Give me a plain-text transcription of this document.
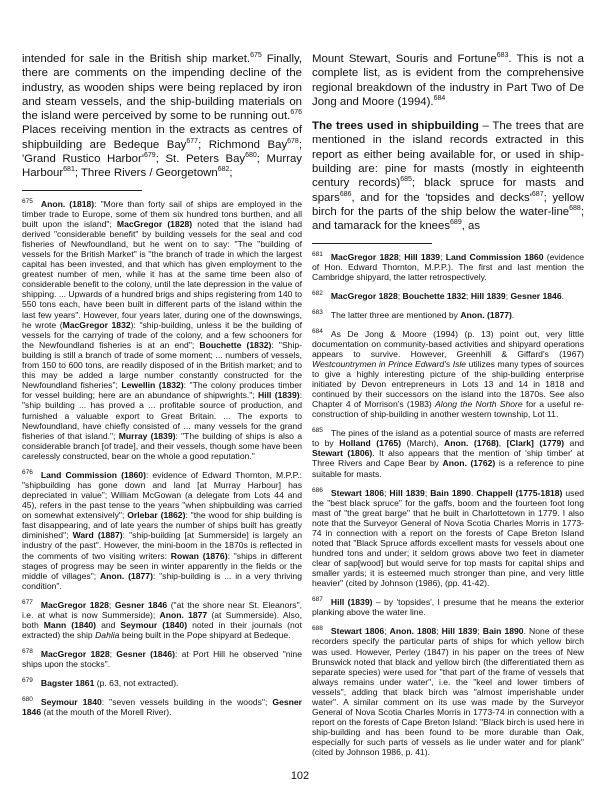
intended for sale in the British ship market.$^{675}$ Finally, there are comments on the impending decline of the industry, as wooden ships were being replaced by iron and steam vessels, and the ship-building materials on the island were perceived by some to be running out.$^{676}$ Places receiving mention in the extracts as centres of shipbuilding are Bedeque Bay$^{677}$; Richmond Bay$^{678}$; 'Grand Rustico $Harbor'^{679}$; St. Peters Bay$^{680}$; Murray Harbour$^{681}$; Three Rivers / Georgetown$^{682}$;

$^{675}$ Anon. (1818): "More than forty sail of ships are employed in the timber trade to Europe, some of them six hundred tons burthen, and all built upon the island"; MacGregor (1828) noted that the island had derived "considerable benefit" by building vessels for the seal and cod fisheries of Newfoundland, but he went on to say: "The "building of vessels for the British Market" is "the branch of trade in which the largest capital has been invested, and that which has given employment to the greatest number of men, while it has at the same time been also of considerable benefit to the colony, until the late depression in the value of shipping. ... Upwards of a hundred brigs and ships registering from 140 to 550 tons each, have been built in different parts of the island within the last few years". However, four years later, during one of the downswings, he wrote (MacGregor 1832): "ship-building, unless it be the building of vessels for the carrying of trade of the colony, and a few schooners for the Newfoundland fisheries is at an end"; Bouchette (1832): "Ship-building is still a branch of trade of some moment; ... numbers of vessels, from 150 to 600 tons, are readily disposed of in the British market; and to this may be added a large number constantly constructed for the Newfoundland fisheries"; Lewellin (1832): "The colony produces timber for vessel building; here are an abundance of shipwrights."; Hill (1839): "ship building ... has proved a ... profitable source of production, and furnished a valuable export to Great Britain. ... The exports to Newfoundland, have chiefly consisted of ... many vessels for the grand fisheries of that island."; Murray (1839): "The building of ships is also a considerable branch [of trade], and their vessels, though some have been carelessly constructed, bear on the whole a good reputation."

$^{676}$ Land Commission (1860): evidence of Edward Thornton, M.P.P.: "shipbuilding has gone down and land [at Murray Harbour] has depreciated in value"; William McGowan (a delegate from Lots 44 and 45), refers in the past tense to the years "when shipbuilding was carried on somewhat extensively"; Orlebar (1862): "the wood for ship building is fast disappearing, and of late years the number of ships built has greatly diminished"; Ward (1887): "ship-building [at Summerside] is largely an industry of the past". However, the mini-boom in the 1870s is reflected in the comments of two visiting writers: Rowan (1876): "ships in different stages of progress may be seen in winter apparently in the fields or the middle of villages"; Anon. (1877): "ship-building is ... in a very thriving condition".

$^{677}$ MacGregor 1828; Gesner 1846 ("at the shore near St. Eleanors", i.e. at what is now Summerside); Anon. 1877 (at Summerside). Also, both Mann (1840) and Seymour (1840) noted in their journals (not extracted) the ship Dahlia being built in the Pope shipyard at Bedeque.

$^{678}$ MacGregor 1828; Gesner (1846): at Port Hill he observed "nine ships upon the stocks".

$^{679}$ Bagster 1861 (p. 63, not extracted).

$^{680}$ Seymour 1840: "seven vessels building in the woods"; Gesner 1846 (at the mouth of the Morell River).

Mount Stewart, Souris and Fortune$^{683}$. This is not a complete list, as is evident from the comprehensive regional breakdown of the industry in Part Two of De Jong and Moore (1994).$^{684}$

The trees used in shipbuilding – The trees that are mentioned in the island records extracted in this report as either being available for, or used in ship-building are: pine for masts (mostly in eighteenth century records)$^{685}$; black spruce for masts and spars$^{686}$, and for the 'topsides and $decks'^{687}$; yellow birch for the parts of the ship below the water-line$^{688}$; and tamarack for the knees$^{689}$, as

$^{681}$ MacGregor 1828; Hill 1839; Land Commission 1860 (evidence of Hon. Edward Thornton, M.P.P.). The first and last mention the Cambridge shipyard, the latter retrospectively.

$^{682}$ MacGregor 1828; Bouchette 1832; Hill 1839; Gesner 1846.

$^{683}$ The latter three are mentioned by Anon. (1877).

$^{684}$ As De Jong & Moore (1994) (p. 13) point out, very little documentation on community-based activities and shipyard operations appears to survive. However, Greenhill & Giffard's (1967) Westcountrymen in Prince Edward's Isle utilizes many types of sources to give a highly interesting picture of the ship-building enterprise initiated by Devon entrepreneurs in Lots 13 and 14 in 1818 and continued by their successors on the island into the 1870s. See also Chapter 4 of Morrison's (1983) Along the North Shore for a useful re-construction of ship-building in another western township, Lot 11.

$^{685}$ The pines of the island as a potential source of masts are referred to by Holland (1765) (March), Anon. (1768), [Clark] (1779) and Stewart (1806). It also appears that the mention of 'ship timber' at Three Rivers and Cape Bear by Anon. (1762) is a reference to pine suitable for masts.

$^{686}$ Stewart 1806; Hill 1839; Bain 1890. Chappell (1775-1818) used the "best black spruce" for the gaffs, boom and the fourteen foot long mast of "the great barge" that he built in Charlottetown in 1779. I also note that the Surveyor General of Nova Scotia Charles Morris in 1773-74 in connection with a report on the forests of Cape Breton Island noted that "Black Spruce affords excellent masts for vessels about one hundred tons and under; it seldom grows above two feet in diameter clear of sap[wood] but would serve for top masts for capital ships and smaller yards; it is esteemed much stronger than pine, and very little heavier" (cited by Johnson (1986), (pp. 41-42).

$^{687}$ Hill (1839) – by 'topsides', I presume that he means the exterior planking above the water line.

$^{688}$ Stewart 1806; Anon. 1808; Hill 1839; Bain 1890. None of these recorders specify the particular parts of ships for which yellow birch was used. However, Perley (1847) in his paper on the trees of New Brunswick noted that black and yellow birch (the differentiated them as separate species) were used for "that part of the frame of vessels that always remains under water", i.e. the "keel and lower timbers of vessels", adding that black birch was "almost imperishable under water". A similar comment on its use was made by the Surveyor General of Nova Scotia Charles Morris in 1773-74 in connection with a report on the forests of Cape Breton Island: "Black birch is used here in ship-building and has been found to be more durable than Oak, especially for such parts of vessels as lie under water and for plank" (cited by Johnson 1986, p. 41).

102
